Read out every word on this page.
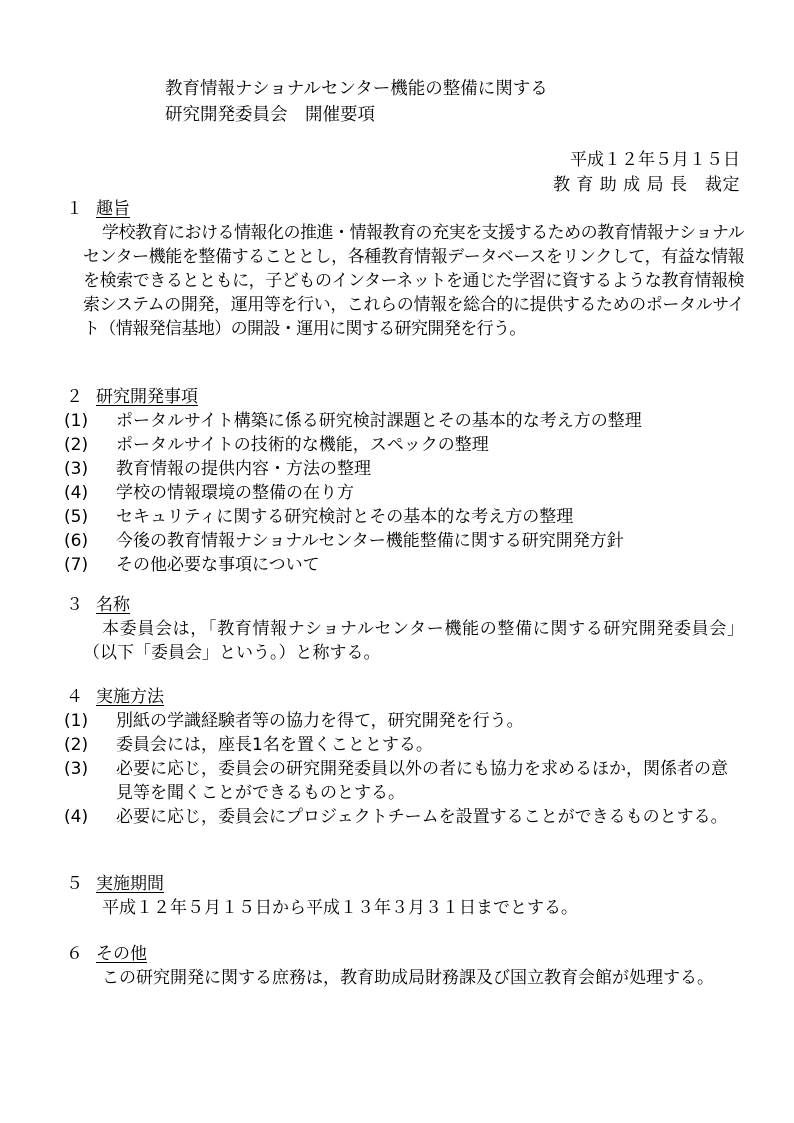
教育情報ナショナルセンター機能の整備に関する
研究開発委員会　開催要項
平成１２年５月１５日
教 育 助 成 局 長　裁定
１ 趣旨
学校教育における情報化の推進・情報教育の充実を支援するための教育情報ナショナルセンター機能を整備することとし，各種教育情報データベースをリンクして，有益な情報を検索できるとともに，子どものインターネットを通じた学習に資するような教育情報検索システムの開発，運用等を行い，これらの情報を総合的に提供するためのポータルサイト（情報発信基地）の開設・運用に関する研究開発を行う。
２ 研究開発事項
(1)	ポータルサイト構築に係る研究検討課題とその基本的な考え方の整理
(2)	ポータルサイトの技術的な機能，スペックの整理
(3)	教育情報の提供内容・方法の整理
(4)	学校の情報環境の整備の在り方
(5)	セキュリティに関する研究検討とその基本的な考え方の整理
(6)	今後の教育情報ナショナルセンター機能整備に関する研究開発方針
(7)	その他必要な事項について
３ 名称
本委員会は，「教育情報ナショナルセンター機能の整備に関する研究開発委員会」（以下「委員会」という。）と称する。
４ 実施方法
(1)	別紙の学識経験者等の協力を得て，研究開発を行う。
(2)	委員会には，座長1名を置くこととする。
(3)	必要に応じ，委員会の研究開発委員以外の者にも協力を求めるほか，関係者の意見等を聞くことができるものとする。
(4)	必要に応じ，委員会にプロジェクトチームを設置することができるものとする。
５ 実施期間
平成１２年５月１５日から平成１３年３月３１日までとする。
６ その他
この研究開発に関する庶務は，教育助成局財務課及び国立教育会館が処理する。
